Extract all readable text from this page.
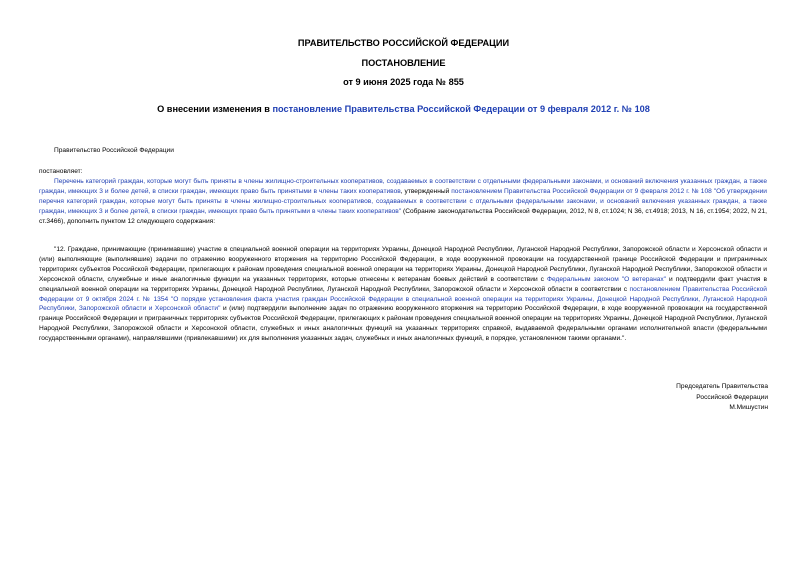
ПРАВИТЕЛЬСТВО РОССИЙСКОЙ ФЕДЕРАЦИИ
ПОСТАНОВЛЕНИЕ
от 9 июня 2025 года № 855
О внесении изменения в постановление Правительства Российской Федерации от 9 февраля 2012 г. № 108
Правительство Российской Федерации
постановляет:
Перечень категорий граждан, которые могут быть приняты в члены жилищно-строительных кооперативов, создаваемых в соответствии с отдельными федеральными законами, и оснований включения указанных граждан, а также граждан, имеющих 3 и более детей, в списки граждан, имеющих право быть принятыми в члены таких кооперативов, утвержденный постановлением Правительства Российской Федерации от 9 февраля 2012 г. № 108 "Об утверждении перечня категорий граждан, которые могут быть приняты в члены жилищно-строительных кооперативов, создаваемых в соответствии с отдельными федеральными законами, и оснований включения указанных граждан, а также граждан, имеющих 3 и более детей, в списки граждан, имеющих право быть принятыми в члены таких кооперативов" (Собрание законодательства Российской Федерации, 2012, N 8, ст.1024; N 36, ст.4918; 2013, N 16, ст.1954; 2022, N 21, ст.3466), дополнить пунктом 12 следующего содержания:
"12. Граждане, принимающие (принимавшие) участие в специальной военной операции на территориях Украины, Донецкой Народной Республики, Луганской Народной Республики, Запорожской области и Херсонской области и (или) выполняющие (выполнявшие) задачи по отражению вооруженного вторжения на территорию Российской Федерации, в ходе вооруженной провокации на государственной границе Российской Федерации и приграничных территориях субъектов Российской Федерации, прилегающих к районам проведения специальной военной операции на территориях Украины, Донецкой Народной Республики, Луганской Народной Республики, Запорожской области и Херсонской области, служебные и иные аналогичные функции на указанных территориях, которые отнесены к ветеранам боевых действий в соответствии с Федеральным законом "О ветеранах" и подтвердили факт участия в специальной военной операции на территориях Украины, Донецкой Народной Республики, Луганской Народной Республики, Запорожской области и Херсонской области в соответствии с постановлением Правительства Российской Федерации от 9 октября 2024 г. № 1354 "О порядке установления факта участия граждан Российской Федерации в специальной военной операции на территориях Украины, Донецкой Народной Республики, Луганской Народной Республики, Запорожской области и Херсонской области" и (или) подтвердили выполнение задач по отражению вооруженного вторжения на территорию Российской Федерации, в ходе вооруженной провокации на государственной границе Российской Федерации и приграничных территориях субъектов Российской Федерации, прилегающих к районам проведения специальной военной операции на территориях Украины, Донецкой Народной Республики, Луганской Народной Республики, Запорожской области и Херсонской области, служебных и иных аналогичных функций на указанных территориях справкой, выдаваемой федеральными органами исполнительной власти (федеральными государственными органами), направлявшими (привлекавшими) их для выполнения указанных задач, служебных и иных аналогичных функций, в порядке, установленном такими органами.".
Председатель Правительства
Российской Федерации
М.Мишустин
